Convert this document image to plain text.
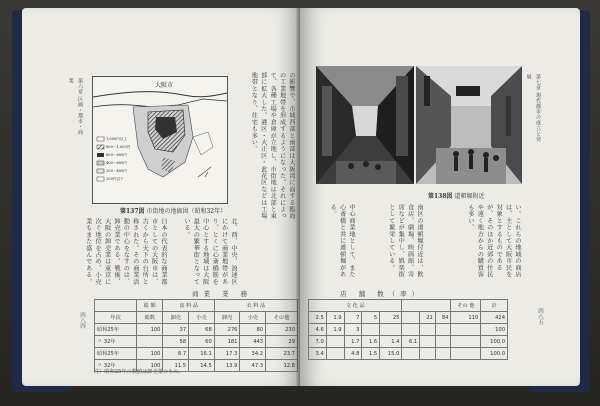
第六章 区画・都市・商業
大阪市
1,000円以上
800〜1,000円
600〜800円
400〜600円
200〜400円
200円以下
第137図 市街地の地価図（昭和32年）	の影響で、市域西部と南部は大阪湾に面する臨海の工業地帯を形成するようになった。それによって、各種工場や倉庫が立地し、市街地は北部と東部に拡大した。港区・大正区・此花区などは工場地帯となり、住宅も多い。
北、西、中央、浪速区にかけて商業地帯があり、とくに心斎橋筋を中心とする地域は大阪最大の繁華街となっている。
日本の代表的な商業都市としての大阪市は、古くから天下の台所と称された。その商業活動の中心をなすのは、卸売業である。戦後、大阪の卸売業は東京に次ぐ地位を占め、小売業もまた盛んである。
商業 業 務
	総 額	食 料 品		衣 料 品		
年次	総数	卸売	小売	卸売	小売	その他
昭和25年	100	37	68	276	80	230
〃 32年		58	60	181	443	29
昭和25年	100	8.7	16.1	17.3	34.2	23.7
〃 32年	100	11.5	14.5	13.9	47.3	12.8
四八四
注）昭和25年の数値は卸売業のもの。
第七章 現代都市の成立と発展
第138図 道頓堀附近
い。これらの地域の商店は、主として大阪市民を対象とするものであるが、そのほか近郊の住民や遠く地方からの購買客も多い。
南区の道頓堀付近は、飲食店、劇場、映画館、寄席などが集中し、娯楽街として繁栄している。
中心商業地として、また心斎橋と共に道頓堀がある。
店 舗 数（率）
文 化 品								その 他	計
2.5	1.9	7	5	25		21	84	110	424
4.6	1.9	3							100
7.0		1.7	1.6	1.4	6.1				100.0
3.4		4.8	1.5	15.0					100.0
四八五
